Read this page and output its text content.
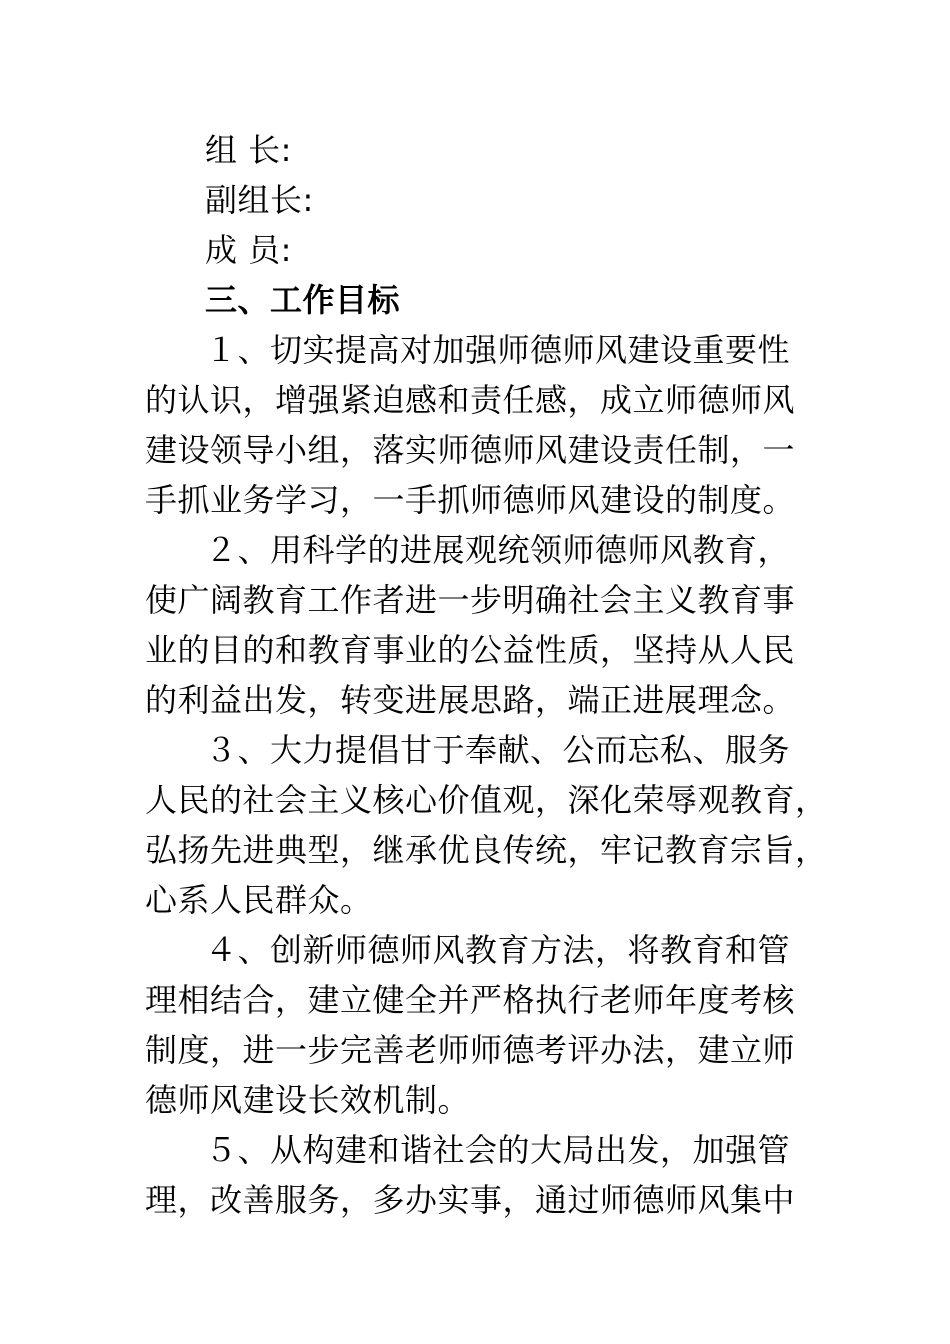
组 长:
副组长:
成 员:
三、工作目标
１、切实提高对加强师德师风建设重要性
的认识，增强紧迫感和责任感，成立师德师风
建设领导小组，落实师德师风建设责任制，一
手抓业务学习，一手抓师德师风建设的制度。
２、用科学的进展观统领师德师风教育，
使广阔教育工作者进一步明确社会主义教育事
业的目的和教育事业的公益性质，坚持从人民
的利益出发，转变进展思路，端正进展理念。
３、大力提倡甘于奉献、公而忘私、服务
人民的社会主义核心价值观，深化荣辱观教育，
弘扬先进典型，继承优良传统，牢记教育宗旨，
心系人民群众。
４、创新师德师风教育方法，将教育和管
理相结合，建立健全并严格执行老师年度考核
制度，进一步完善老师师德考评办法，建立师
德师风建设长效机制。
５、从构建和谐社会的大局出发，加强管
理，改善服务，多办实事，通过师德师风集中
